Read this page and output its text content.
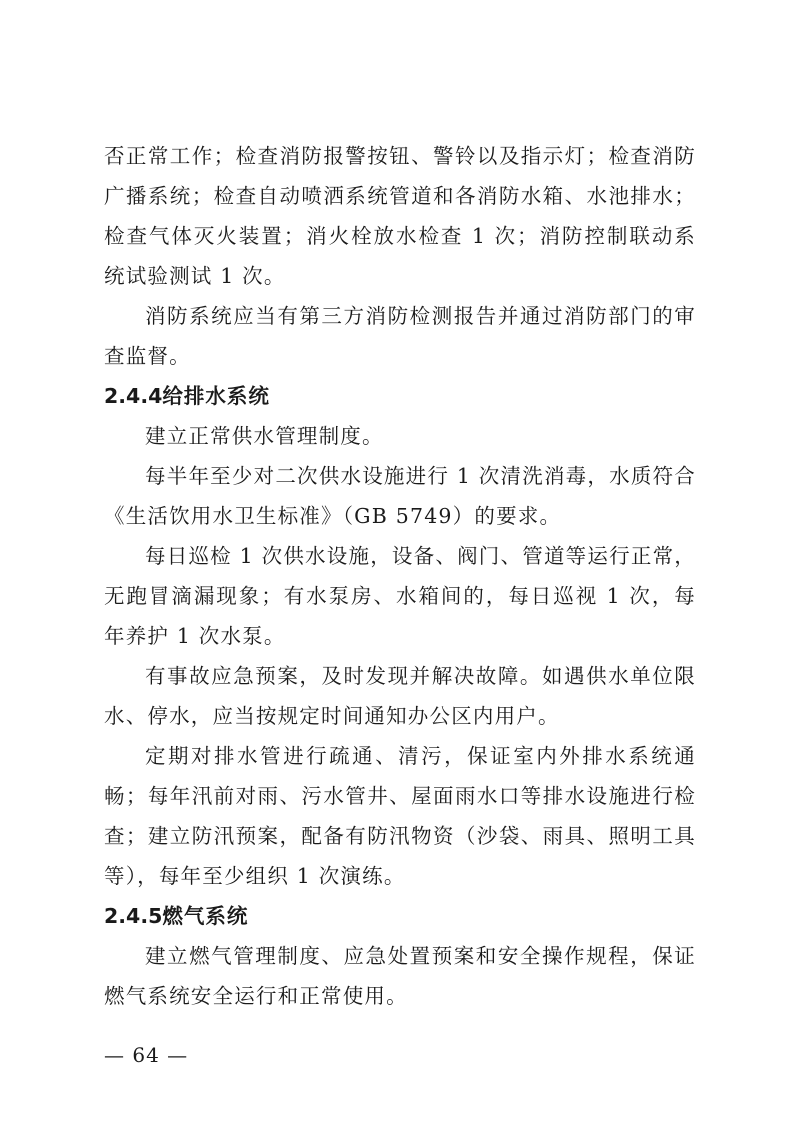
否正常工作；检查消防报警按钮、警铃以及指示灯；检查消防广播系统；检查自动喷洒系统管道和各消防水箱、水池排水；检查气体灭火装置；消火栓放水检查 1 次；消防控制联动系统试验测试 1 次。

消防系统应当有第三方消防检测报告并通过消防部门的审查监督。

2.4.4给排水系统

建立正常供水管理制度。

每半年至少对二次供水设施进行 1 次清洗消毒，水质符合《生活饮用水卫生标准》（GB 5749）的要求。

每日巡检 1 次供水设施，设备、阀门、管道等运行正常，无跑冒滴漏现象；有水泵房、水箱间的，每日巡视 1 次，每年养护 1 次水泵。

有事故应急预案，及时发现并解决故障。如遇供水单位限水、停水，应当按规定时间通知办公区内用户。

定期对排水管进行疏通、清污，保证室内外排水系统通畅；每年汛前对雨、污水管井、屋面雨水口等排水设施进行检查；建立防汛预案，配备有防汛物资（沙袋、雨具、照明工具等），每年至少组织 1 次演练。

2.4.5燃气系统

建立燃气管理制度、应急处置预案和安全操作规程，保证燃气系统安全运行和正常使用。

— 64 —
